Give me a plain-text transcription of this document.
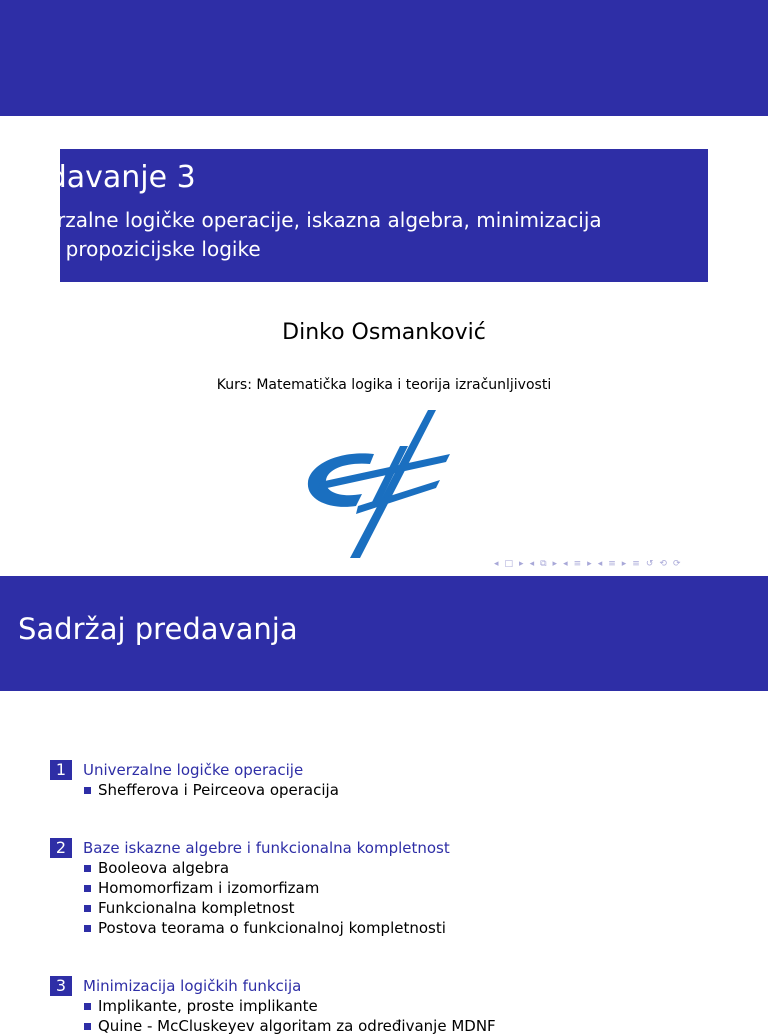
Predavanje 3
Univerzalne logičke operacije, iskazna algebra, minimizacija
izraza propozicijske logike
Dinko Osmanković
Kurs: Matematička logika i teorija izračunljivosti
◂ □ ▸ ◂ ⧉ ▸ ◂ ≡ ▸ ◂ ≡ ▸ ≡ ↺ ⟲ ⟳
Sadržaj predavanja
1	Univerzalne logičke operacije
Shefferova i Peirceova operacija
2	Baze iskazne algebre i funkcionalna kompletnost
Booleova algebra
Homomorfizam i izomorfizam
Funkcionalna kompletnost
Postova teorama o funkcionalnoj kompletnosti
3	Minimizacija logičkih funkcija
Implikante, proste implikante
Quine - McCluskeyev algoritam za određivanje MDNF
